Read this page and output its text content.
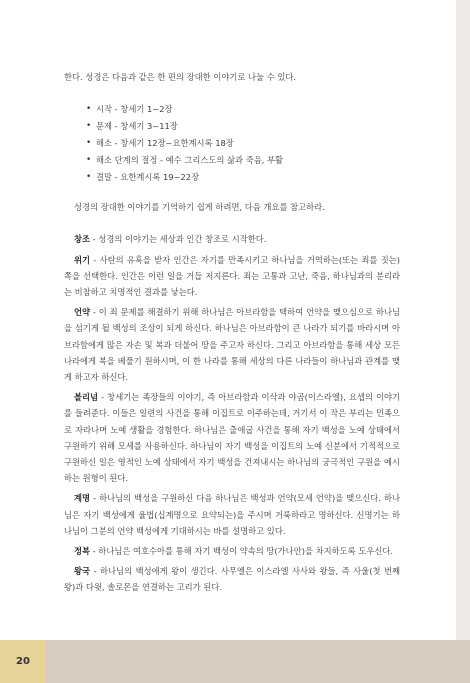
한다. 성경은 다음과 같은 한 편의 장대한 이야기로 나눌 수 있다.

• 시작 - 창세기 1~2장
• 문제 - 창세기 3~11장
• 해소 - 창세기 12장~요한계시록 18장
• 해소 단계의 절정 - 예수 그리스도의 삶과 죽음, 부활
• 결말 - 요한계시록 19~22장

성경의 장대한 이야기를 기억하기 쉽게 하려면, 다음 개요를 참고하라.

창조 - 성경의 이야기는 세상과 인간 창조로 시작한다.

위기 - 사탄의 유혹을 받자 인간은 자기를 만족시키고 하나님을 거역하는(또는 죄를 짓는) 쪽을 선택한다. 인간은 이런 일을 거듭 저지른다. 죄는 고통과 고난, 죽음, 하나님과의 분리라는 비참하고 치명적인 결과를 낳는다.

언약 - 이 죄 문제를 해결하기 위해 하나님은 아브라함을 택하여 언약을 맺으심으로 하나님을 섬기게 될 백성의 조상이 되게 하신다. 하나님은 아브라함이 큰 나라가 되기를 바라시며 아브라함에게 많은 자손 및 복과 더불어 땅을 주고자 하신다. 그리고 아브라함을 통해 세상 모든 나라에게 복을 베풀기 원하시며, 이 한 나라를 통해 세상의 다른 나라들이 하나님과 관계를 맺게 하고자 하신다.

볼리넘 - 창세기는 족장들의 이야기, 즉 아브라함과 이삭과 야곱(이스라엘), 요셉의 이야기를 들려준다. 이들은 일련의 사건을 통해 이집트로 이주하는데, 거기서 이 작은 부리는 민족으로 자라나며 노예 생활을 경험한다. 하나님은 출애굽 사건을 통해 자기 백성을 노예 상태에서 구원하기 위해 모세를 사용하신다. 하나님이 자기 백성을 이집트의 노예 신분에서 기적적으로 구원하신 일은 영적인 노예 상태에서 자기 백성을 건져내시는 하나님의 궁극적인 구원을 예시하는 원형이 된다.

계명 - 하나님의 백성을 구원하신 다음 하나님은 백성과 언약(모세 언약)을 맺으신다. 하나님은 자기 백성에게 율법(십계명으로 요약되는)을 주시며 거룩하라고 명하신다. 신명기는 하나님이 그분의 언약 백성에게 기대하시는 바를 설명하고 있다.

정복 - 하나님은 여호수아를 통해 자기 백성이 약속의 땅(가나안)을 차지하도록 도우신다.

왕국 - 하나님의 백성에게 왕이 생긴다. 사무엘은 이스라엘 사사와 왕들, 즉 사울(첫 번째 왕)과 다윗, 솔로몬을 연결하는 고리가 된다.

20
